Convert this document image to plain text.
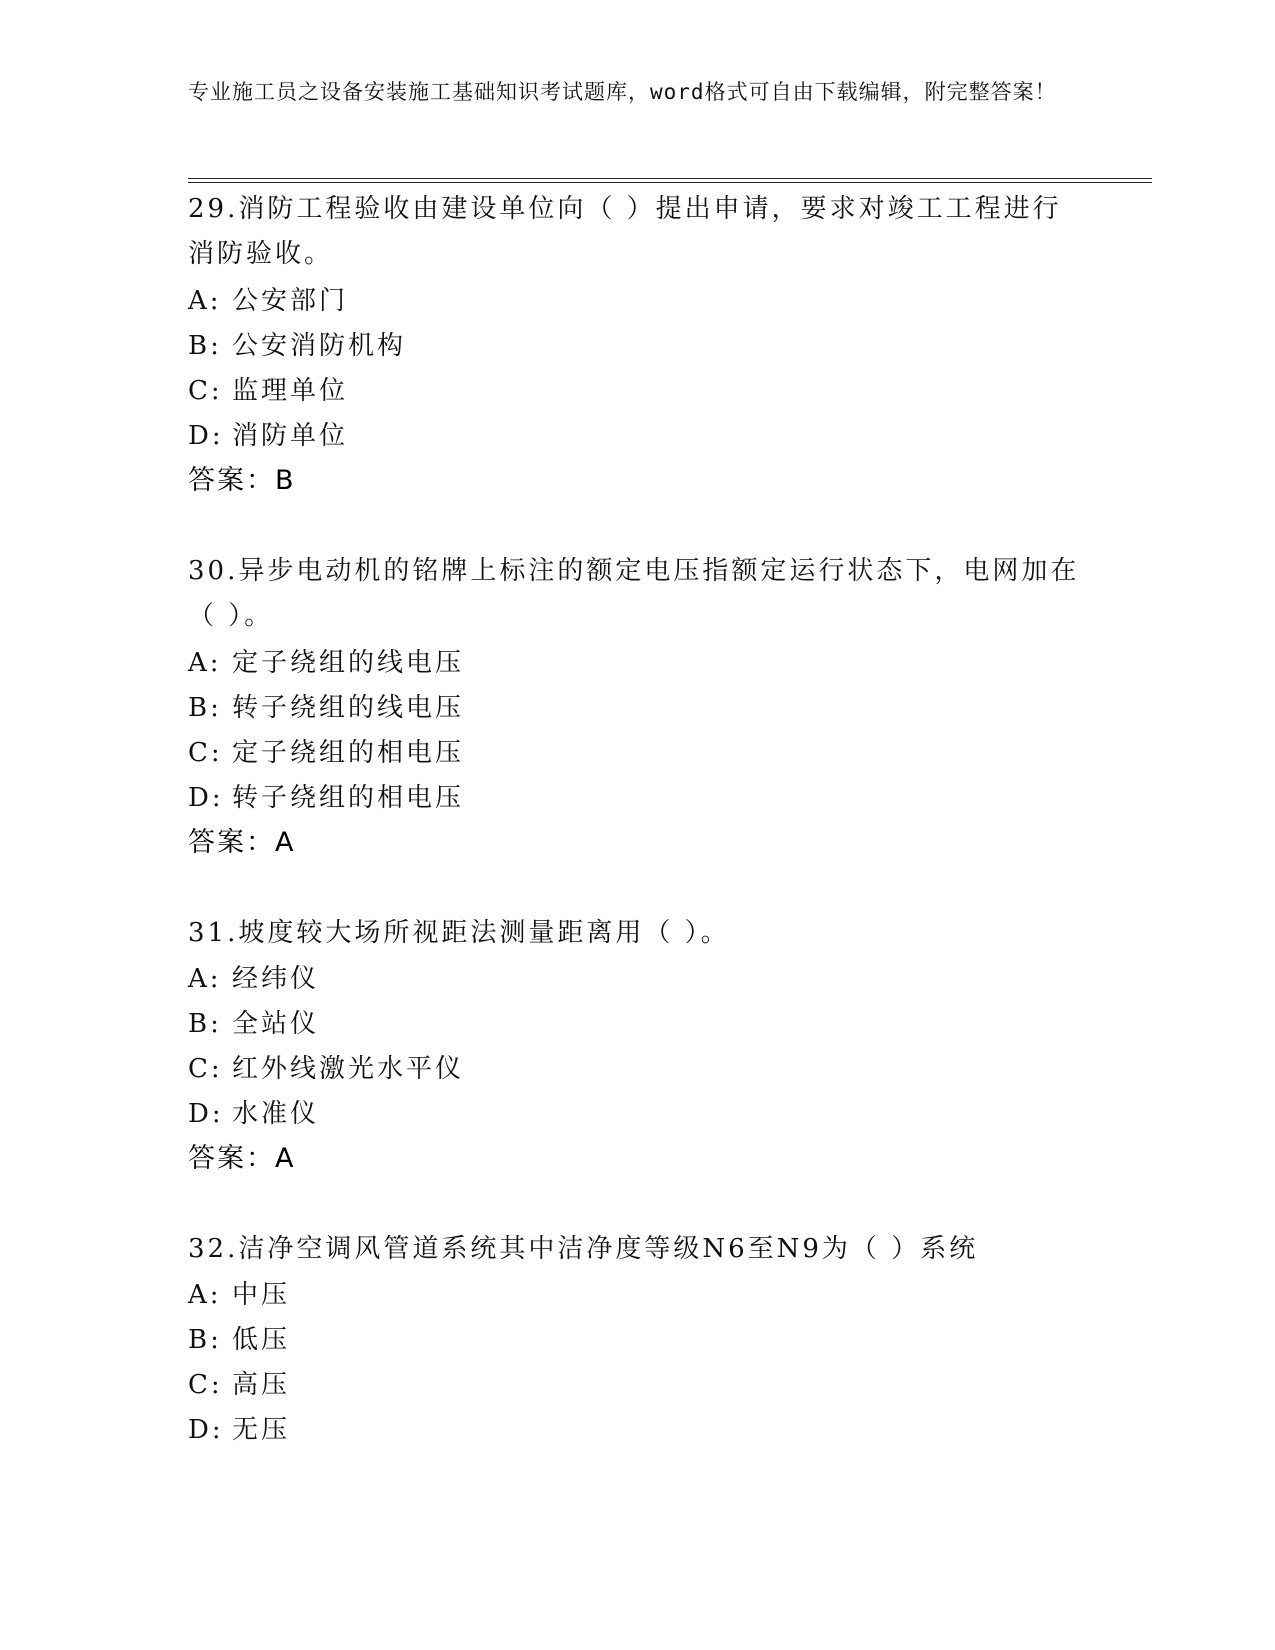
专业施工员之设备安装施工基础知识考试题库，word格式可自由下载编辑，附完整答案！
29.消防工程验收由建设单位向（ ）提出申请，要求对竣工工程进行消防验收。
A: 公安部门
B: 公安消防机构
C: 监理单位
D: 消防单位
答案：B
30.异步电动机的铭牌上标注的额定电压指额定运行状态下，电网加在（ ）。
A: 定子绕组的线电压
B: 转子绕组的线电压
C: 定子绕组的相电压
D: 转子绕组的相电压
答案：A
31.坡度较大场所视距法测量距离用（ ）。
A: 经纬仪
B: 全站仪
C: 红外线激光水平仪
D: 水准仪
答案：A
32.洁净空调风管道系统其中洁净度等级N6至N9为（ ）系统
A: 中压
B: 低压
C: 高压
D: 无压
